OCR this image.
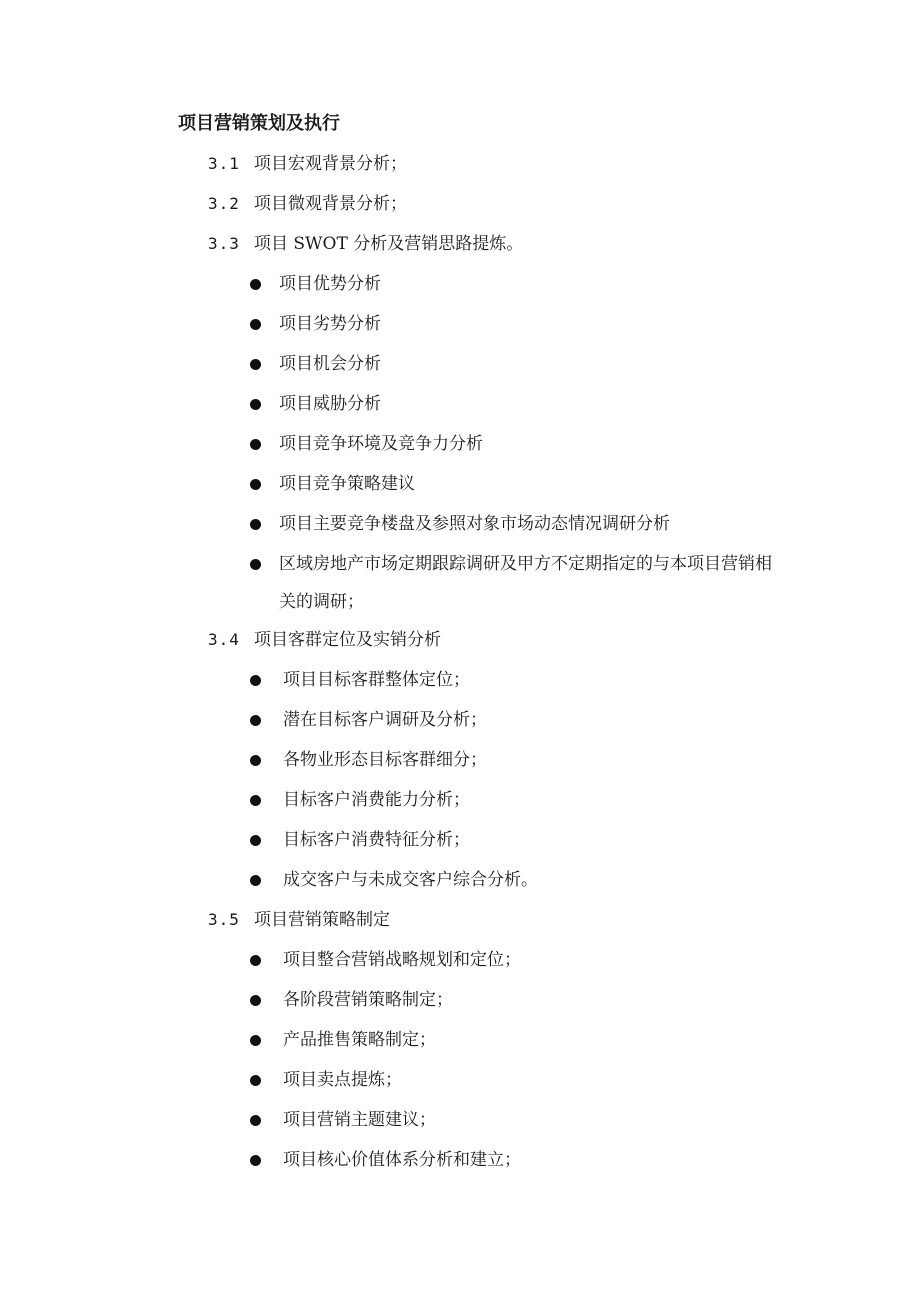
项目营销策划及执行
3.1 项目宏观背景分析；
3.2 项目微观背景分析；
3.3 项目 SWOT 分析及营销思路提炼。
项目优势分析
项目劣势分析
项目机会分析
项目威胁分析
项目竞争环境及竞争力分析
项目竞争策略建议
项目主要竞争楼盘及参照对象市场动态情况调研分析
区域房地产市场定期跟踪调研及甲方不定期指定的与本项目营销相关的调研；
3.4 项目客群定位及实销分析
项目目标客群整体定位；
潜在目标客户调研及分析；
各物业形态目标客群细分；
目标客户消费能力分析；
目标客户消费特征分析；
成交客户与未成交客户综合分析。
3.5 项目营销策略制定
项目整合营销战略规划和定位；
各阶段营销策略制定；
产品推售策略制定；
项目卖点提炼；
项目营销主题建议；
项目核心价值体系分析和建立；
